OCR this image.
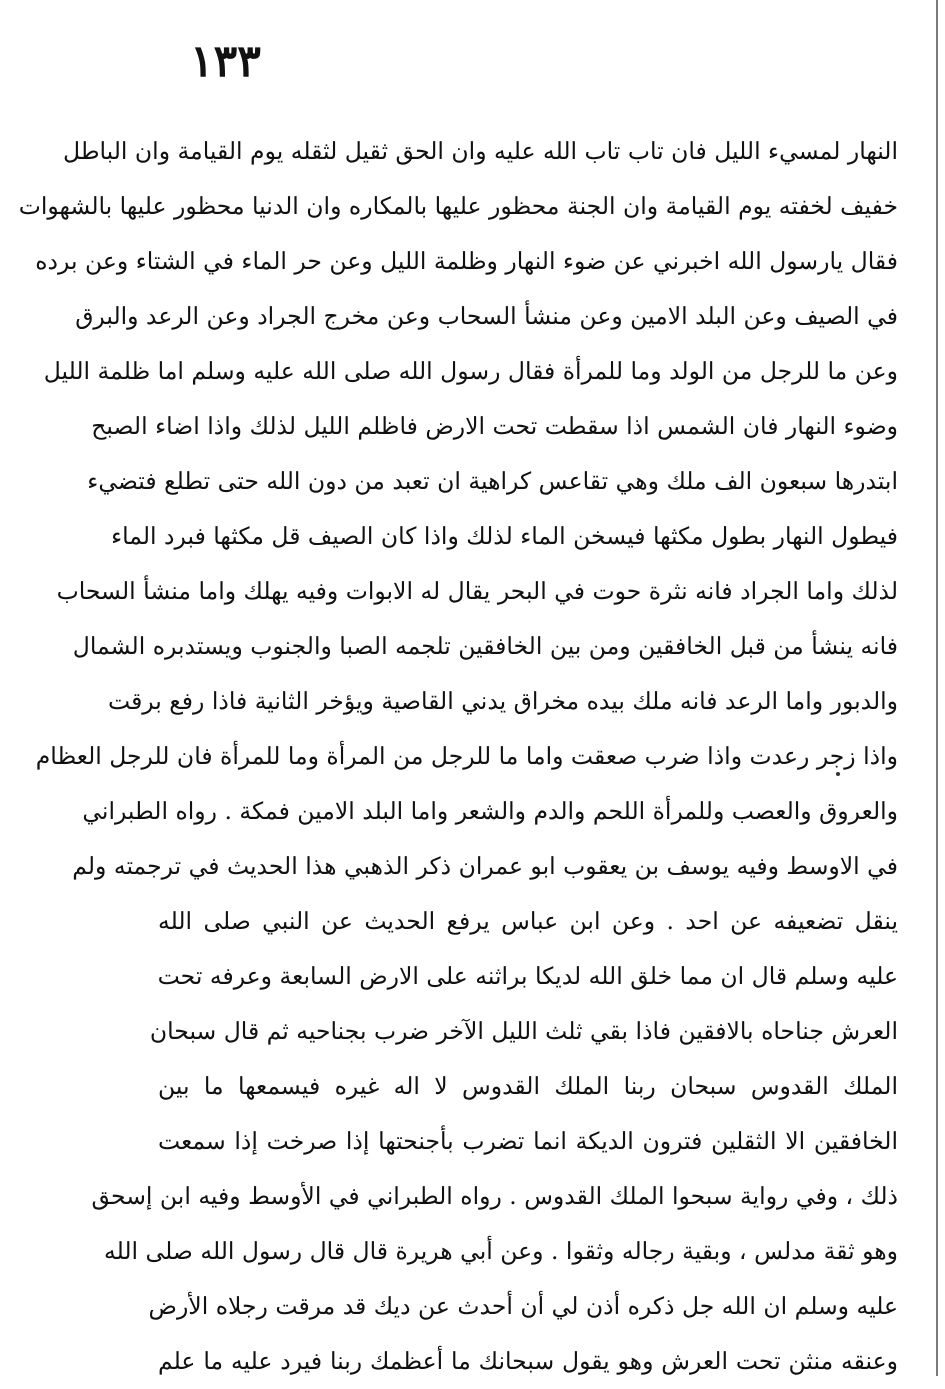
١٣٣
النهار لمسيء الليل فان تاب تاب الله عليه وان الحق ثقيل لثقله يوم القيامة وان الباطل
خفيف لخفته يوم القيامة وان الجنة محظور عليها بالمكاره وان الدنيا محظور عليها بالشهوات
فقال يارسول الله اخبرني عن ضوء النهار وظلمة الليل وعن حر الماء في الشتاء وعن برده
في الصيف وعن البلد الامين وعن منشأ السحاب وعن مخرج الجراد وعن الرعد والبرق
وعن ما للرجل من الولد وما للمرأة فقال رسول الله صلى الله عليه وسلم اما ظلمة الليل
وضوء النهار فان الشمس اذا سقطت تحت الارض فاظلم الليل لذلك واذا اضاء الصبح
ابتدرها سبعون الف ملك وهي تقاعس كراهية ان تعبد من دون الله حتى تطلع فتضيء
فيطول النهار بطول مكثها فيسخن الماء لذلك واذا كان الصيف قل مكثها فبرد الماء
لذلك واما الجراد فانه نثرة حوت في البحر يقال له الابوات وفيه يهلك واما منشأ السحاب
فانه ينشأ من قبل الخافقين ومن بين الخافقين تلجمه الصبا والجنوب ويستدبره الشمال
والدبور واما الرعد فانه ملك بيده مخراق يدني القاصية ويؤخر الثانية فاذا رفع برقت
واذا زجر رعدت واذا ضرب صعقت واما ما للرجل من المرأة وما للمرأة فان للرجل العظام
والعروق والعصب وللمرأة اللحم والدم والشعر واما البلد الامين فمكة . رواه الطبراني
في الاوسط وفيه يوسف بن يعقوب ابو عمران ذكر الذهبي هذا الحديث في ترجمته ولم
ينقل تضعيفه عن احد . وعن ابن عباس يرفع الحديث عن النبي صلى الله
عليه وسلم قال ان مما خلق الله لديكا براثنه على الارض السابعة وعرفه تحت
العرش جناحاه بالافقين فاذا بقي ثلث الليل الآخر ضرب بجناحيه ثم قال سبحان
الملك القدوس سبحان ربنا الملك القدوس لا اله غيره فيسمعها ما بين
الخافقين الا الثقلين فترون الديكة انما تضرب بأجنحتها إذا صرخت إذا سمعت
ذلك ، وفي رواية سبحوا الملك القدوس . رواه الطبراني في الأوسط وفيه ابن إسحق
وهو ثقة مدلس ، وبقية رجاله وثقوا . وعن أبي هريرة قال قال رسول الله صلى الله
عليه وسلم ان الله جل ذكره أذن لي أن أحدث عن ديك قد مرقت رجلاه الأرض
وعنقه منثن تحت العرش وهو يقول سبحانك ما أعظمك ربنا فيرد عليه ما علم
